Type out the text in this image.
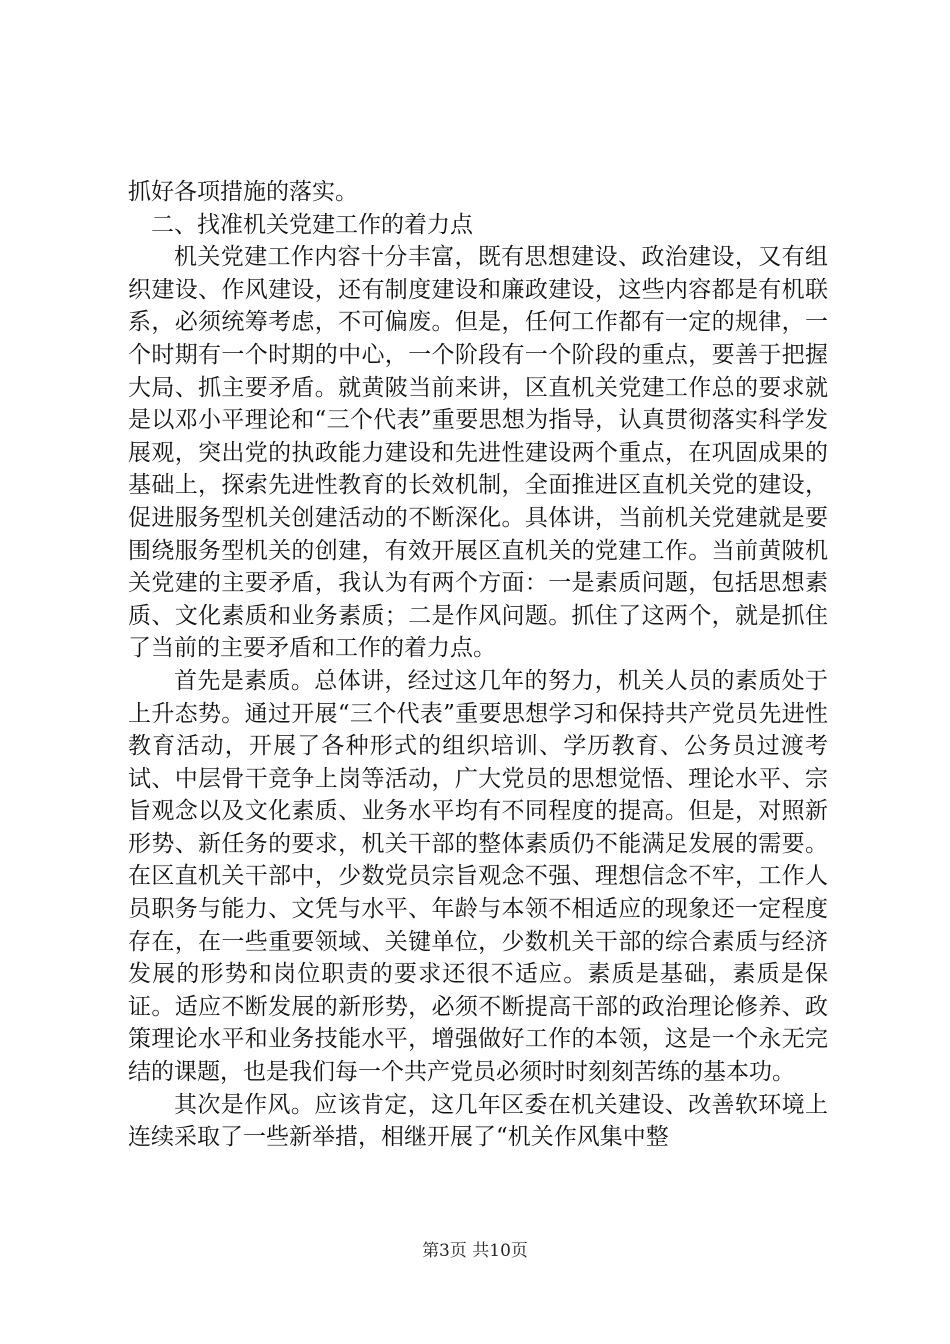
抓好各项措施的落实。

二、找准机关党建工作的着力点

机关党建工作内容十分丰富，既有思想建设、政治建设，又有组织建设、作风建设，还有制度建设和廉政建设，这些内容都是有机联系，必须统筹考虑，不可偏废。但是，任何工作都有一定的规律，一个时期有一个时期的中心，一个阶段有一个阶段的重点，要善于把握大局、抓主要矛盾。就黄陂当前来讲，区直机关党建工作总的要求就是以邓小平理论和“三个代表”重要思想为指导，认真贯彻落实科学发展观，突出党的执政能力建设和先进性建设两个重点，在巩固成果的基础上，探索先进性教育的长效机制，全面推进区直机关党的建设，促进服务型机关创建活动的不断深化。具体讲，当前机关党建就是要围绕服务型机关的创建，有效开展区直机关的党建工作。当前黄陂机关党建的主要矛盾，我认为有两个方面：一是素质问题，包括思想素质、文化素质和业务素质；二是作风问题。抓住了这两个，就是抓住了当前的主要矛盾和工作的着力点。

首先是素质。总体讲，经过这几年的努力，机关人员的素质处于上升态势。通过开展“三个代表”重要思想学习和保持共产党员先进性教育活动，开展了各种形式的组织培训、学历教育、公务员过渡考试、中层骨干竞争上岗等活动，广大党员的思想觉悟、理论水平、宗旨观念以及文化素质、业务水平均有不同程度的提高。但是，对照新形势、新任务的要求，机关干部的整体素质仍不能满足发展的需要。在区直机关干部中，少数党员宗旨观念不强、理想信念不牢，工作人员职务与能力、文凭与水平、年龄与本领不相适应的现象还一定程度存在，在一些重要领域、关键单位，少数机关干部的综合素质与经济发展的形势和岗位职责的要求还很不适应。素质是基础，素质是保证。适应不断发展的新形势，必须不断提高干部的政治理论修养、政策理论水平和业务技能水平，增强做好工作的本领，这是一个永无完结的课题，也是我们每一个共产党员必须时时刻刻苦练的基本功。

其次是作风。应该肯定，这几年区委在机关建设、改善软环境上连续采取了一些新举措，相继开展了“机关作风集中整

第3页 共10页
